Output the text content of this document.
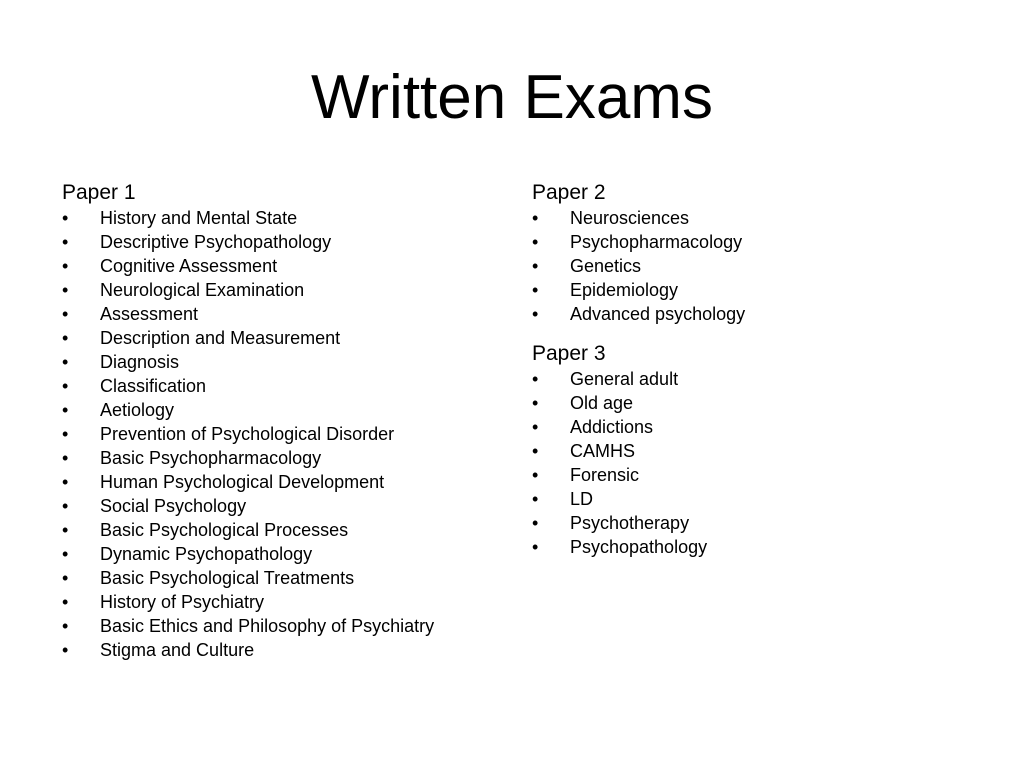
Written Exams
Paper 1
•	History and Mental State
•	Descriptive Psychopathology
•	Cognitive Assessment
•	Neurological Examination
•	Assessment
•	Description and Measurement
•	Diagnosis
•	Classification
•	Aetiology
•	Prevention of Psychological Disorder
•	Basic Psychopharmacology
•	Human Psychological Development
•	Social Psychology
•	Basic Psychological Processes
•	Dynamic Psychopathology
•	Basic Psychological Treatments
•	History of Psychiatry
•	Basic Ethics and Philosophy of Psychiatry
•	Stigma and Culture
Paper 2
•	Neurosciences
•	Psychopharmacology
•	Genetics
•	Epidemiology
•	Advanced psychology
Paper 3
•	General adult
•	Old age
•	Addictions
•	CAMHS
•	Forensic
•	LD
•	Psychotherapy
•	Psychopathology
